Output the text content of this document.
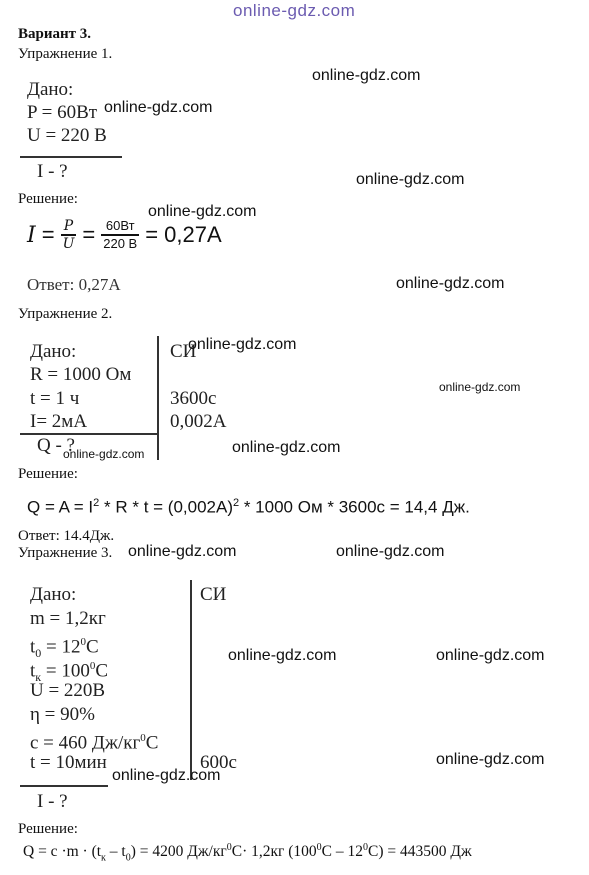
online-gdz.com
Вариант 3.
Упражнение 1.
Дано:
P = 60Вт
U = 220 В
I - ?
Решение:
$I = \frac{P}{U} = \frac{60Вт}{220 В} = 0,27А$
Ответ: 0,27А
Упражнение 2.
Дано:	СИ
R = 1000 Ом
t = 1 ч	3600с
I= 2мА	0,002А
Q - ?
Решение:
$Q = A = I^2 * R * t = (0,002A)^2 * 1000$ Ом * 3600с = 14,4 Дж.
Ответ: 14.4Дж.
Упражнение 3.
Дано:	СИ
m = 1,2кг
$t_0 = 12^0С$
$t_к = 100^0С$
U = 220В
η = 90%
c = 460 $Дж/кг^0С$
t = 10мин	600с
I - ?
Решение:
$Q = c \cdot m \cdot (t_к - t_0) = 4200$ $Дж/кг^0С\cdot 1,2кг$ $(100^0С - 12^0С) = 443500$ Дж
online-gdz.com
online-gdz.com
online-gdz.com
online-gdz.com
online-gdz.com
online-gdz.com
online-gdz.com
online-gdz.com
online-gdz.com
online-gdz.com	online-gdz.com
online-gdz.com	online-gdz.com
online-gdz.com
online-gdz.com
